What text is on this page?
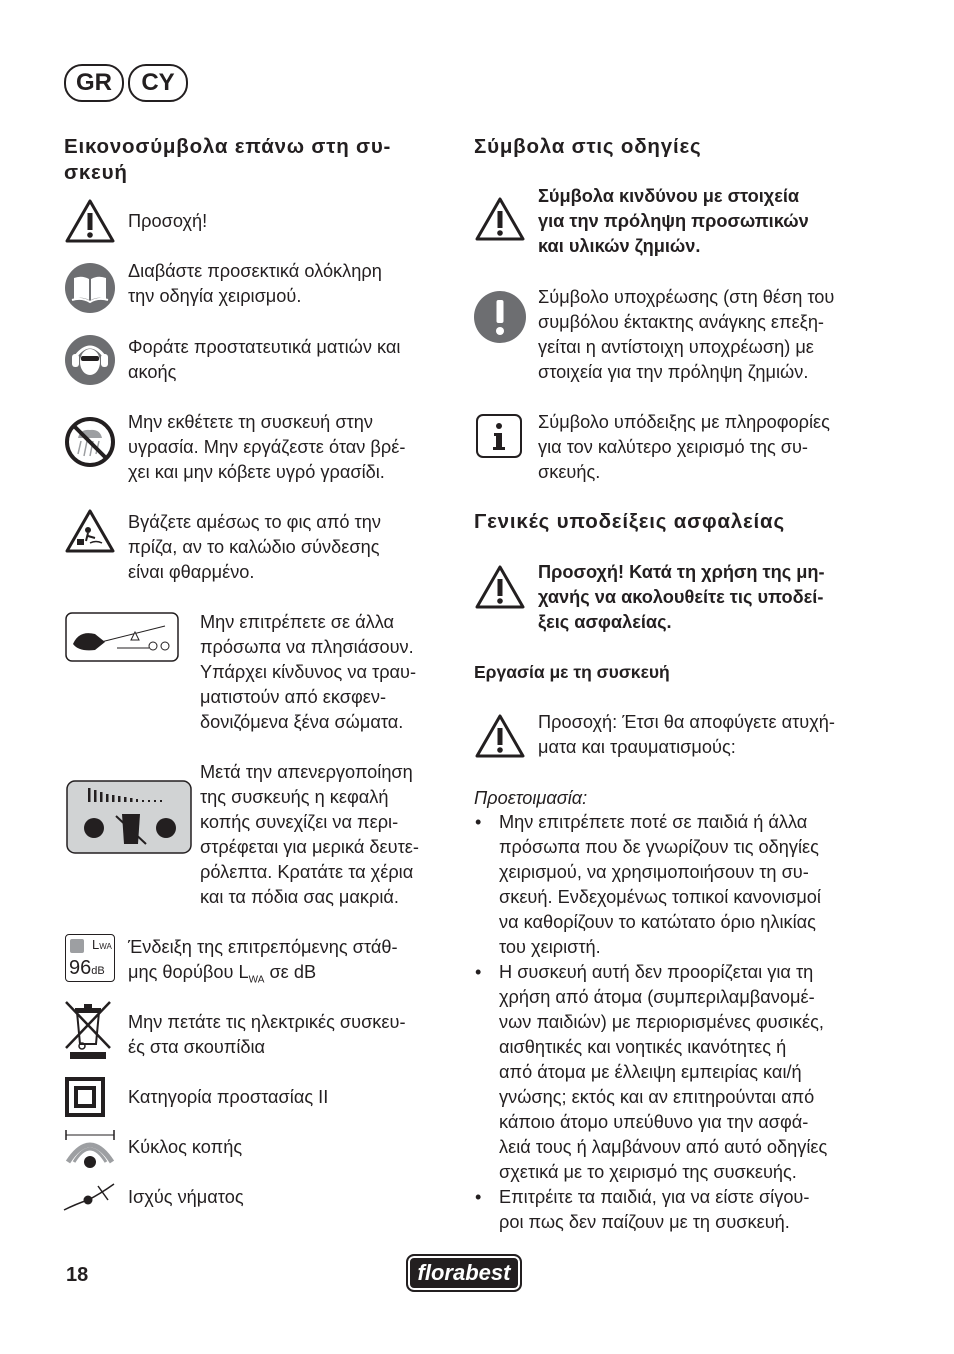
GR	CY
Εικονοσύμβολα επάνω στη συ-
σκευή
Προσοχή!
Διαβάστε προσεκτικά ολόκληρη
την οδηγία χειρισμού.
Φοράτε προστατευτικά ματιών και
ακοής
Μην εκθέτετε τη συσκευή στην
υγρασία. Μην εργάζεστε όταν βρέ-
χει και μην κόβετε υγρό γρασίδι.
Βγάζετε αμέσως το φις από την
πρίζα, αν το καλώδιο σύνδεσης
είναι φθαρμένο.
Μην επιτρέπετε σε άλλα
πρόσωπα να πλησιάσουν.
Υπάρχει κίνδυνος να τραυ-
ματιστούν από εκσφεν-
δονιζόμενα ξένα σώματα.
Μετά την απενεργοποίηση
της συσκευής η κεφαλή
κοπής συνεχίζει να περι-
στρέφεται για μερικά δευτε-
ρόλεπτα. Κρατάτε τα χέρια
και τα πόδια σας μακριά.
LWA
96dB
Ένδειξη της επιτρεπόμενης στάθ-
μης θορύβου $L_{WA}$ σε dB
Μην πετάτε τις ηλεκτρικές συσκευ-
ές στα σκουπίδια
Κατηγορία προστασίας II
Κύκλος κοπής
Ισχύς νήματος
Σύμβολα στις οδηγίες
Σύμβολα κινδύνου με στοιχεία
για την πρόληψη προσωπικών
και υλικών ζημιών.
Σύμβολο υποχρέωσης (στη θέση του
συμβόλου έκτακτης ανάγκης επεξη-
γείται η αντίστοιχη υποχρέωση) με
στοιχεία για την πρόληψη ζημιών.
Σύμβολο υπόδειξης με πληροφορίες
για τον καλύτερο χειρισμό της συ-
σκευής.
Γενικές υποδείξεις ασφαλείας
Προσοχή! Κατά τη χρήση της μη-
χανής να ακολουθείτε τις υποδεί-
ξεις ασφαλείας.
Εργασία με τη συσκευή
Προσοχή: Έτσι θα αποφύγετε ατυχή-
ματα και τραυματισμούς:
Προετοιμασία:
• Μην επιτρέπετε ποτέ σε παιδιά ή άλλα
πρόσωπα που δε γνωρίζουν τις οδηγίες
χειρισμού, να χρησιμοποιήσουν τη συ-
σκευή. Ενδεχομένως τοπικοί κανονισμοί
να καθορίζουν το κατώτατο όριο ηλικίας
του χειριστή.
• Η συσκευή αυτή δεν προορίζεται για τη
χρήση από άτομα (συμπεριλαμβανομέ-
νων παιδιών) με περιορισμένες φυσικές,
αισθητικές και νοητικές ικανότητες ή
από άτομα με έλλειψη εμπειρίας και/ή
γνώσης; εκτός και αν επιτηρούνται από
κάποιο άτομο υπεύθυνο για την ασφά-
λειά τους ή λαμβάνουν από αυτό οδηγίες
σχετικά με το χειρισμό της συσκευής.
• Επιτρέιτε τα παιδιά, για να είστε σίγου-
ροι πως δεν παίζουν με τη συσκευή.
18	florabest
